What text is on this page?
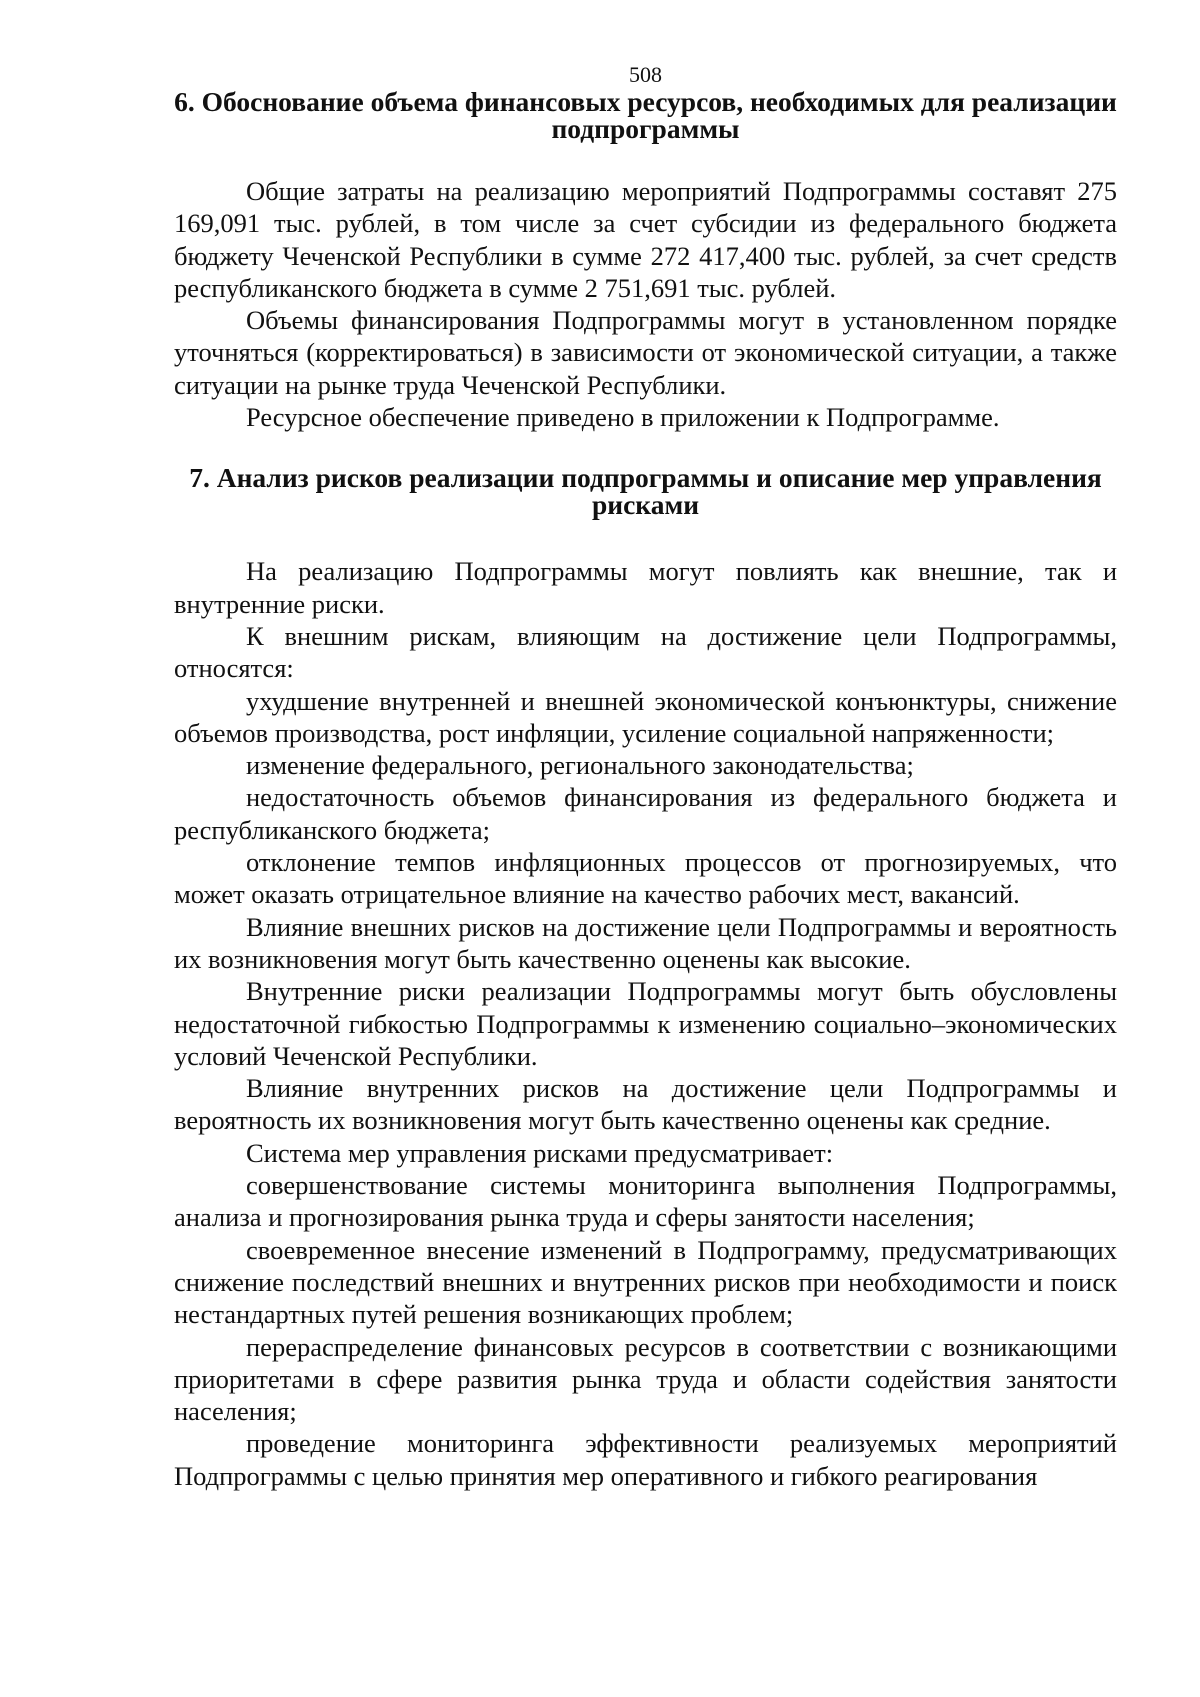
508

6. Обоснование объема финансовых ресурсов, необходимых для реализации подпрограммы

Общие затраты на реализацию мероприятий Подпрограммы составят 275 169,091 тыс. рублей, в том числе за счет субсидии из федерального бюджета бюджету Чеченской Республики в сумме 272 417,400 тыс. рублей, за счет средств республиканского бюджета в сумме 2 751,691 тыс. рублей.

Объемы финансирования Подпрограммы могут в установленном порядке уточняться (корректироваться) в зависимости от экономической ситуации, а также ситуации на рынке труда Чеченской Республики.

Ресурсное обеспечение приведено в приложении к Подпрограмме.

7. Анализ рисков реализации подпрограммы и описание мер управления рисками

На реализацию Подпрограммы могут повлиять как внешние, так и внутренние риски.

К внешним рискам, влияющим на достижение цели Подпрограммы, относятся:

ухудшение внутренней и внешней экономической конъюнктуры, снижение объемов производства, рост инфляции, усиление социальной напряженности;

изменение федерального, регионального законодательства;

недостаточность объемов финансирования из федерального бюджета и республиканского бюджета;

отклонение темпов инфляционных процессов от прогнозируемых, что может оказать отрицательное влияние на качество рабочих мест, вакансий.

Влияние внешних рисков на достижение цели Подпрограммы и вероятность их возникновения могут быть качественно оценены как высокие.

Внутренние риски реализации Подпрограммы могут быть обусловлены недостаточной гибкостью Подпрограммы к изменению социально–экономических условий Чеченской Республики.

Влияние внутренних рисков на достижение цели Подпрограммы и вероятность их возникновения могут быть качественно оценены как средние.

Система мер управления рисками предусматривает:

совершенствование системы мониторинга выполнения Подпрограммы, анализа и прогнозирования рынка труда и сферы занятости населения;

своевременное внесение изменений в Подпрограмму, предусматривающих снижение последствий внешних и внутренних рисков при необходимости и поиск нестандартных путей решения возникающих проблем;

перераспределение финансовых ресурсов в соответствии с возникающими приоритетами в сфере развития рынка труда и области содействия занятости населения;

проведение мониторинга эффективности реализуемых мероприятий Подпрограммы с целью принятия мер оперативного и гибкого реагирования
